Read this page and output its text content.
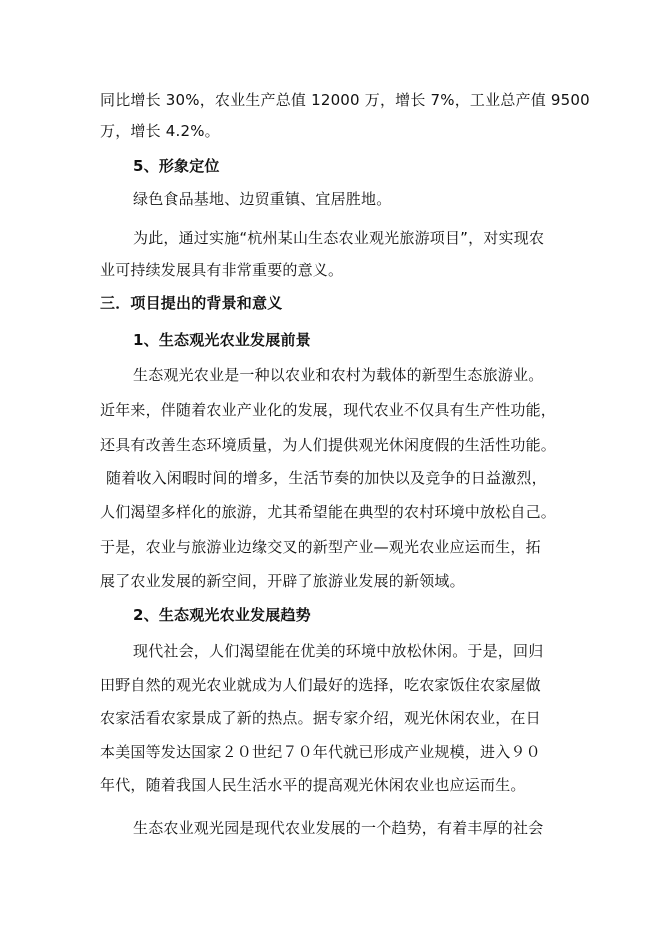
同比增长 30%，农业生产总值 12000 万，增长 7%，工业总产值 9500
万，增长 4.2%。
5、形象定位
绿色食品基地、边贸重镇、宜居胜地。
为此，通过实施“杭州某山生态农业观光旅游项目”，对实现农
业可持续发展具有非常重要的意义。
三．项目提出的背景和意义
1、生态观光农业发展前景
生态观光农业是一种以农业和农村为载体的新型生态旅游业。
近年来，伴随着农业产业化的发展，现代农业不仅具有生产性功能，
还具有改善生态环境质量，为人们提供观光休闲度假的生活性功能。
随着收入闲暇时间的增多，生活节奏的加快以及竞争的日益激烈，
人们渴望多样化的旅游，尤其希望能在典型的农村环境中放松自己。
于是，农业与旅游业边缘交叉的新型产业—观光农业应运而生，拓
展了农业发展的新空间，开辟了旅游业发展的新领域。
2、生态观光农业发展趋势
现代社会，人们渴望能在优美的环境中放松休闲。于是，回归
田野自然的观光农业就成为人们最好的选择，吃农家饭住农家屋做
农家活看农家景成了新的热点。据专家介绍，观光休闲农业，在日
本美国等发达国家２０世纪７０年代就已形成产业规模，进入９０
年代，随着我国人民生活水平的提高观光休闲农业也应运而生。
生态农业观光园是现代农业发展的一个趋势，有着丰厚的社会
